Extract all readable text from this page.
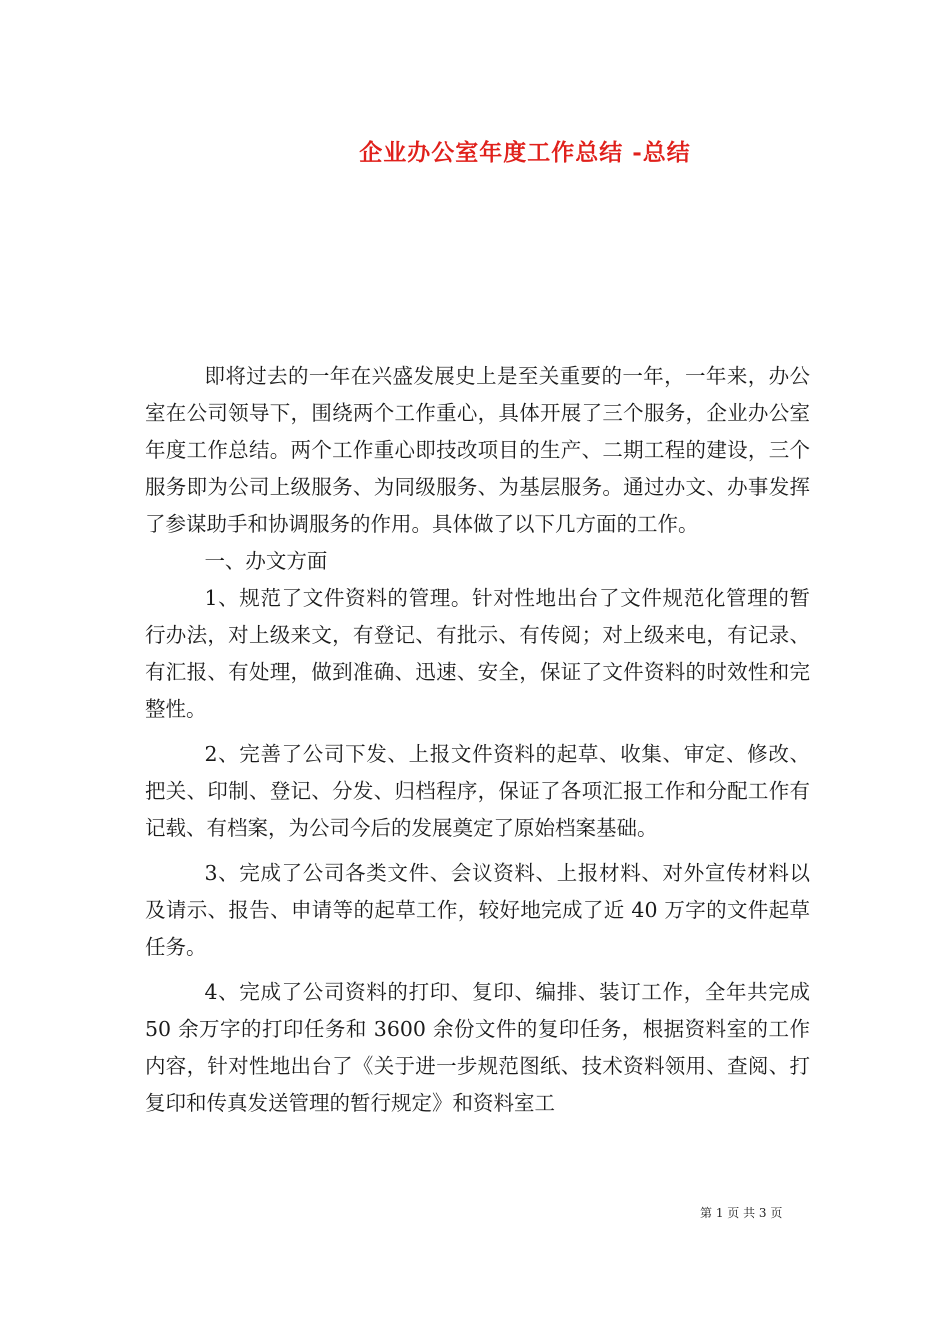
企业办公室年度工作总结 -总结

即将过去的一年在兴盛发展史上是至关重要的一年，一年来，办公室在公司领导下，围绕两个工作重心，具体开展了三个服务，企业办公室年度工作总结。两个工作重心即技改项目的生产、二期工程的建设，三个服务即为公司上级服务、为同级服务、为基层服务。通过办文、办事发挥了参谋助手和协调服务的作用。具体做了以下几方面的工作。

一、办文方面

1、规范了文件资料的管理。针对性地出台了文件规范化管理的暂行办法，对上级来文，有登记、有批示、有传阅；对上级来电，有记录、有汇报、有处理，做到准确、迅速、安全，保证了文件资料的时效性和完整性。

2、完善了公司下发、上报文件资料的起草、收集、审定、修改、把关、印制、登记、分发、归档程序，保证了各项汇报工作和分配工作有记载、有档案，为公司今后的发展奠定了原始档案基础。

3、完成了公司各类文件、会议资料、上报材料、对外宣传材料以及请示、报告、申请等的起草工作，较好地完成了近 40 万字的文件起草任务。

4、完成了公司资料的打印、复印、编排、装订工作，全年共完成 50 余万字的打印任务和 3600 余份文件的复印任务，根据资料室的工作内容，针对性地出台了《关于进一步规范图纸、技术资料领用、查阅、打复印和传真发送管理的暂行规定》和资料室工

第 1 页 共 3 页
